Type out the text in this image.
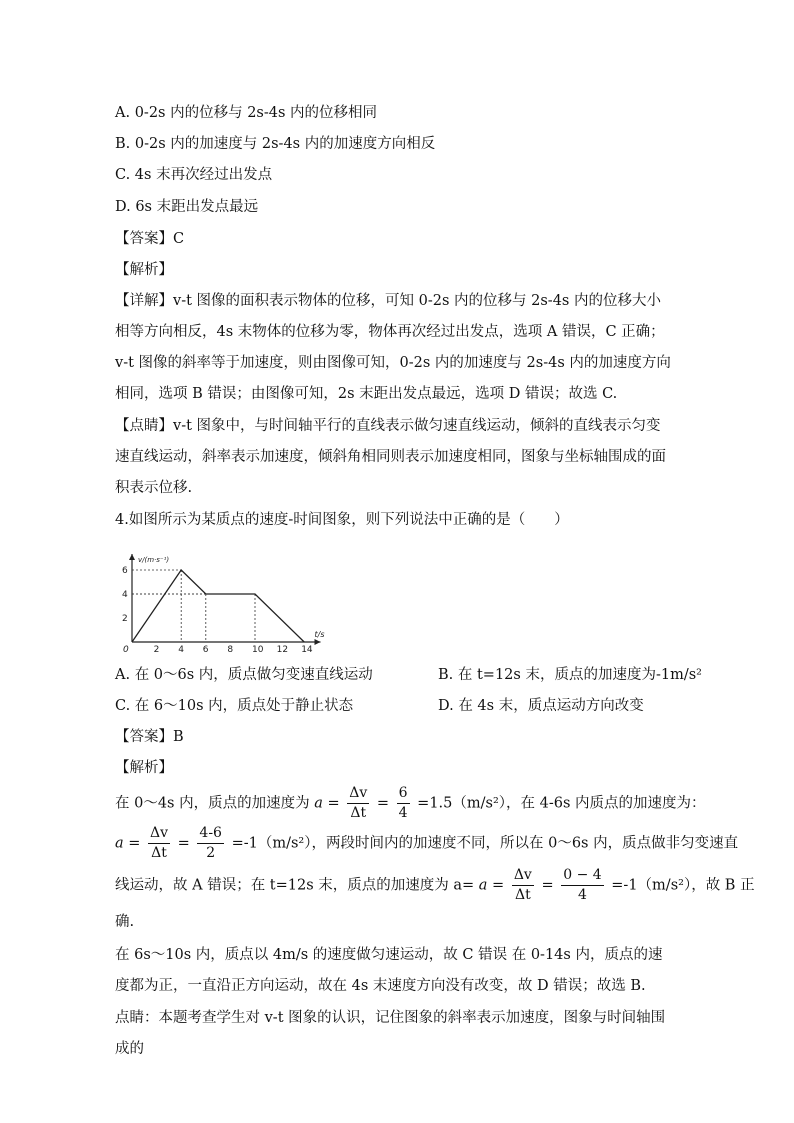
A. 0-2s 内的位移与 2s-4s 内的位移相同
B. 0-2s 内的加速度与 2s-4s 内的加速度方向相反
C. 4s 末再次经过出发点
D. 6s 末距出发点最远
【答案】C
【解析】
【详解】v-t 图像的面积表示物体的位移，可知 0-2s 内的位移与 2s-4s 内的位移大小相等方向相反，4s 末物体的位移为零，物体再次经过出发点，选项 A 错误，C 正确；v-t 图像的斜率等于加速度，则由图像可知，0-2s 内的加速度与 2s-4s 内的加速度方向相同，选项 B 错误；由图像可知，2s 末距出发点最远，选项 D 错误；故选 C.
【点睛】v-t 图象中，与时间轴平行的直线表示做匀速直线运动，倾斜的直线表示匀变速直线运动，斜率表示加速度，倾斜角相同则表示加速度相同，图象与坐标轴围成的面积表示位移.
4.如图所示为某质点的速度-时间图象，则下列说法中正确的是（　　）
v/(m·s⁻¹)
t/s
0	2 4 6 8 10 12 14
2
4
6
A. 在 0～6s 内，质点做匀变速直线运动	B. 在 t=12s 末，质点的加速度为-1m/s²
C. 在 6～10s 内，质点处于静止状态	D. 在 4s 末，质点运动方向改变
【答案】B
【解析】
在 0～4s 内，质点的加速度为 $a = \frac{\Delta v}{\Delta t} = \frac{6}{4} =1.5(m/s^2)$，在 4-6s 内质点的加速度为：
$a = \frac{\Delta v}{\Delta t} = \frac{4-6}{2} =-1(m/s^2)$，两段时间内的加速度不同，所以在 0～6s 内，质点做非匀变速直
线运动，故 A 错误；在 t=12s 末，质点的加速度为 $a= a = \frac{\Delta v}{\Delta t} = \frac{0 - 4}{4} =-1(m/s^2)$，故 B 正
确.
在 6s～10s 内，质点以 4m/s 的速度做匀速运动，故 C 错误 在 0-14s 内，质点的速度都为正，一直沿正方向运动，故在 4s 末速度方向没有改变，故 D 错误；故选 B.
点睛：本题考查学生对 v-t 图象的认识，记住图象的斜率表示加速度，图象与时间轴围成的
